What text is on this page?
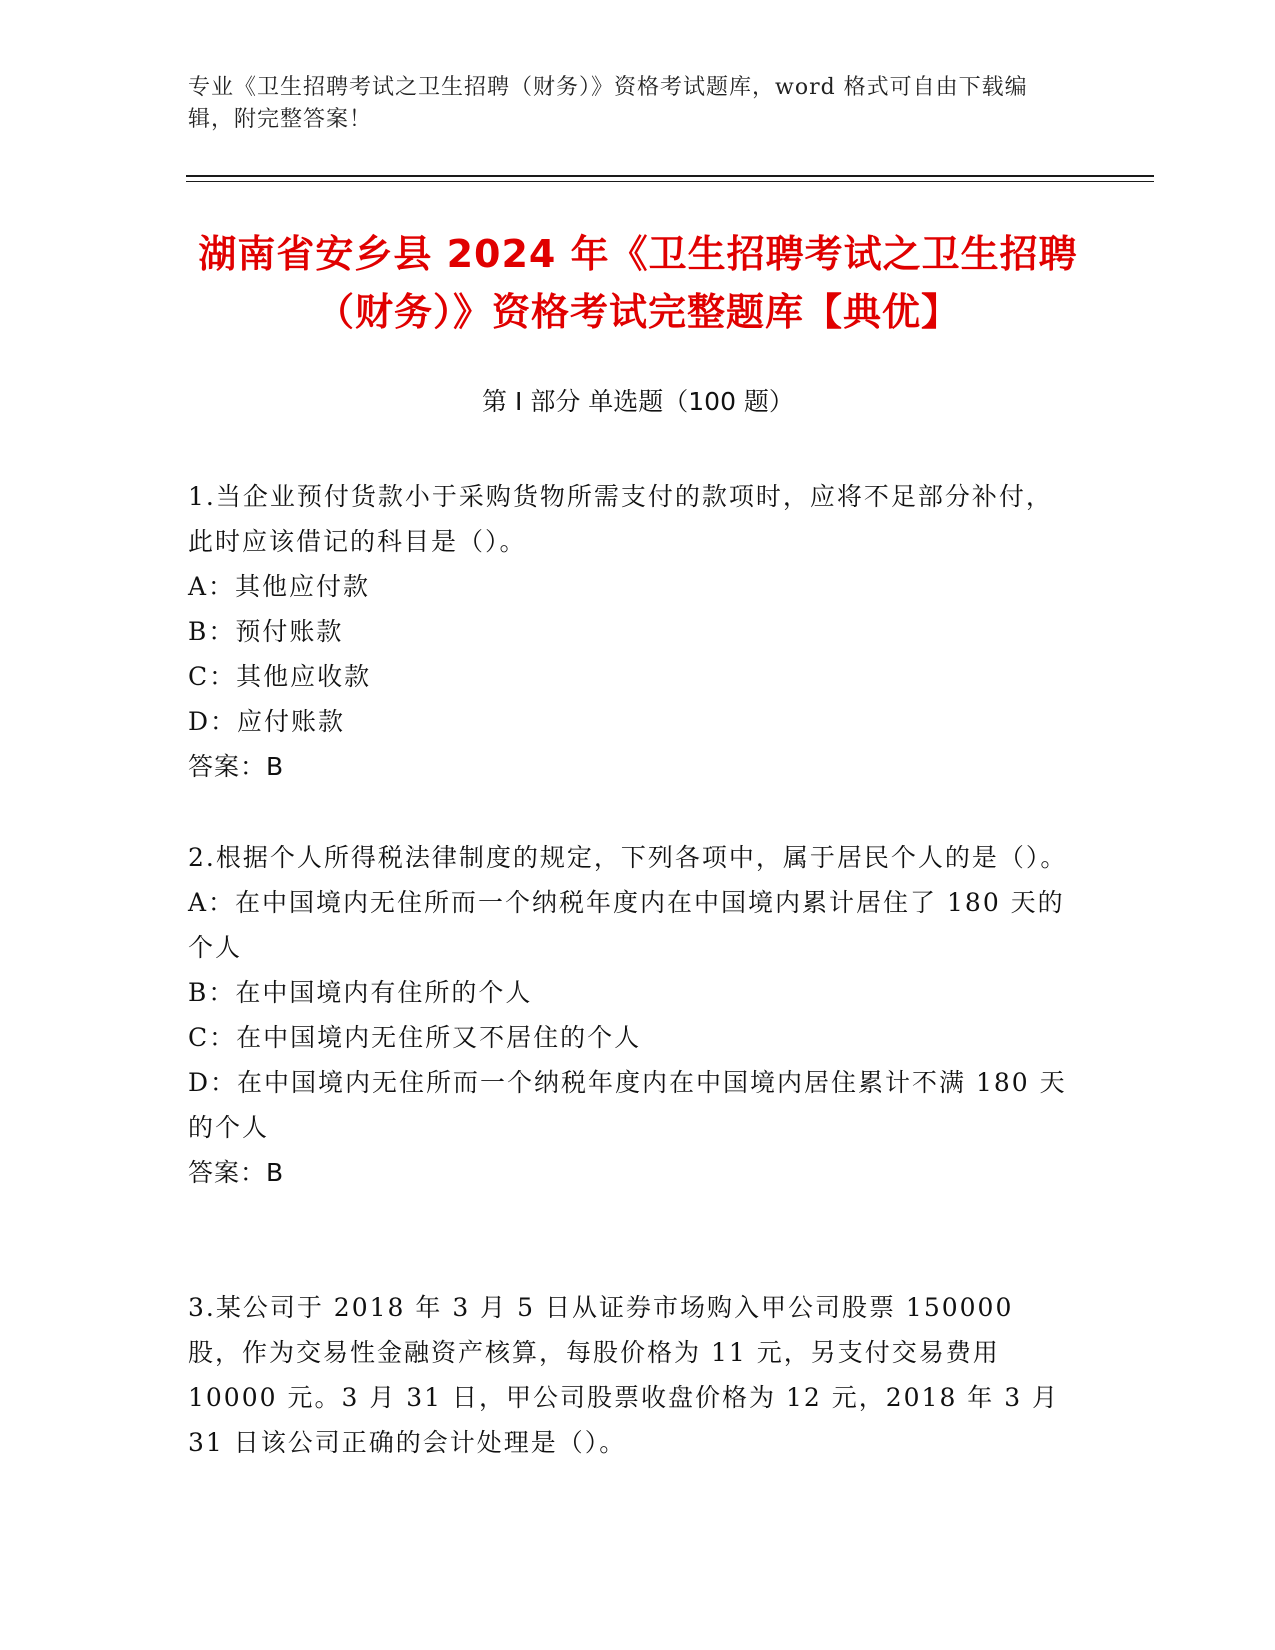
专业《卫生招聘考试之卫生招聘（财务）》资格考试题库，word 格式可自由下载编辑，附完整答案！
湖南省安乡县 2024 年《卫生招聘考试之卫生招聘（财务）》资格考试完整题库【典优】
第 I 部分 单选题（100 题）
1.当企业预付货款小于采购货物所需支付的款项时，应将不足部分补付，此时应该借记的科目是（）。
A：其他应付款
B：预付账款
C：其他应收款
D：应付账款
答案：B
2.根据个人所得税法律制度的规定，下列各项中，属于居民个人的是（）。
A：在中国境内无住所而一个纳税年度内在中国境内累计居住了 180 天的个人
B：在中国境内有住所的个人
C：在中国境内无住所又不居住的个人
D：在中国境内无住所而一个纳税年度内在中国境内居住累计不满 180 天的个人
答案：B
3.某公司于 2018 年 3 月 5 日从证券市场购入甲公司股票 150000 股，作为交易性金融资产核算，每股价格为 11 元，另支付交易费用 10000 元。3 月 31 日，甲公司股票收盘价格为 12 元，2018 年 3 月 31 日该公司正确的会计处理是（）。
